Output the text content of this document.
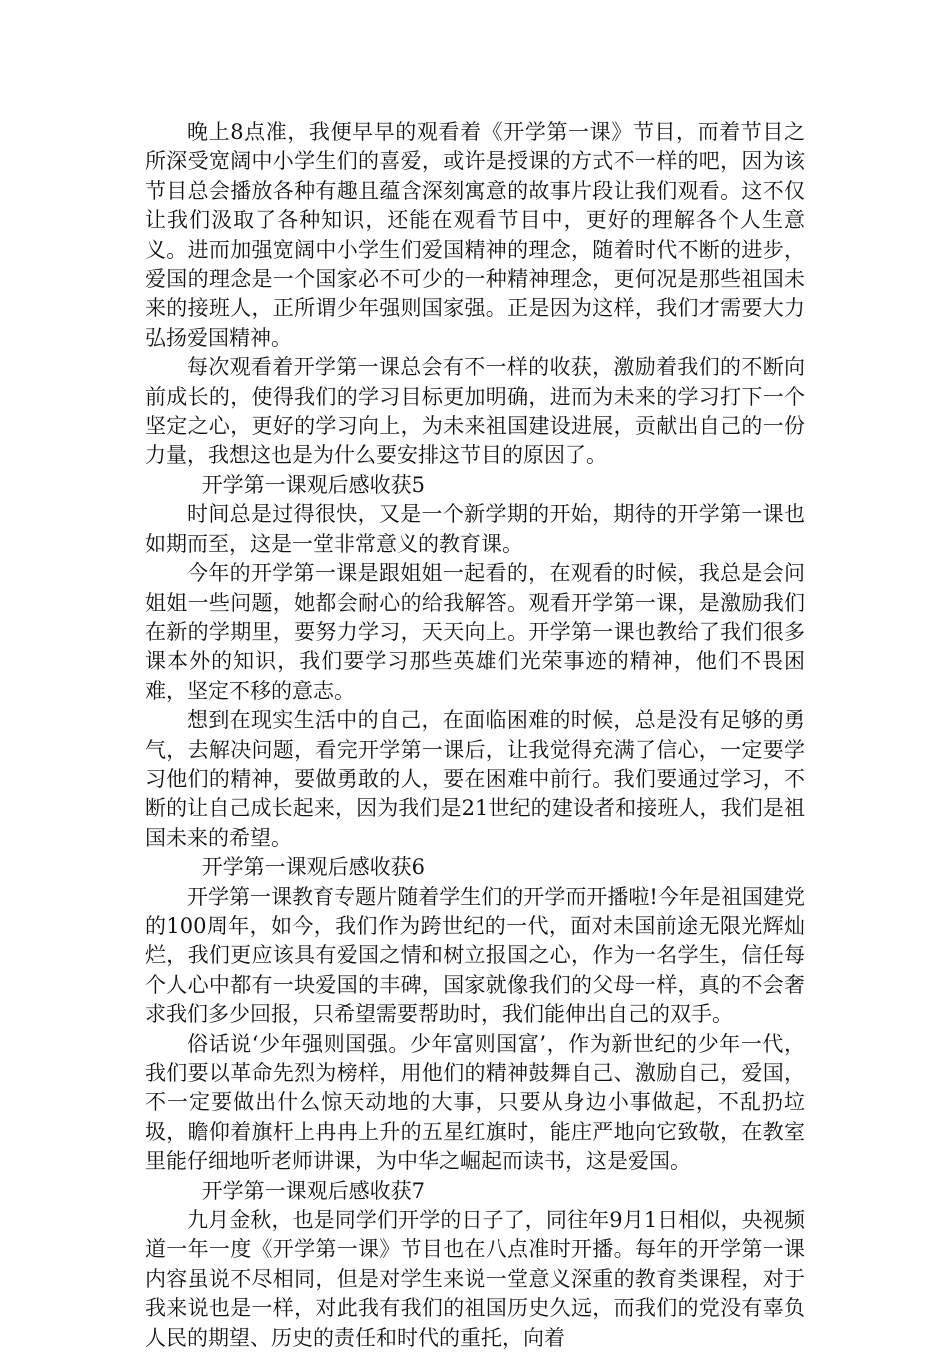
晚上8点准，我便早早的观看着《开学第一课》节目，而着节目之所深受宽阔中小学生们的喜爱，或许是授课的方式不一样的吧，因为该节目总会播放各种有趣且蕴含深刻寓意的故事片段让我们观看。这不仅让我们汲取了各种知识，还能在观看节目中，更好的理解各个人生意义。进而加强宽阔中小学生们爱国精神的理念，随着时代不断的进步，爱国的理念是一个国家必不可少的一种精神理念，更何况是那些祖国未来的接班人，正所谓少年强则国家强。正是因为这样，我们才需要大力弘扬爱国精神。

每次观看着开学第一课总会有不一样的收获，激励着我们的不断向前成长的，使得我们的学习目标更加明确，进而为未来的学习打下一个坚定之心，更好的学习向上，为未来祖国建设进展，贡献出自己的一份力量，我想这也是为什么要安排这节目的原因了。

开学第一课观后感收获5

时间总是过得很快，又是一个新学期的开始，期待的开学第一课也如期而至，这是一堂非常意义的教育课。

今年的开学第一课是跟姐姐一起看的，在观看的时候，我总是会问姐姐一些问题，她都会耐心的给我解答。观看开学第一课，是激励我们在新的学期里，要努力学习，天天向上。开学第一课也教给了我们很多课本外的知识，我们要学习那些英雄们光荣事迹的精神，他们不畏困难，坚定不移的意志。

想到在现实生活中的自己，在面临困难的时候，总是没有足够的勇气，去解决问题，看完开学第一课后，让我觉得充满了信心，一定要学习他们的精神，要做勇敢的人，要在困难中前行。我们要通过学习，不断的让自己成长起来，因为我们是21世纪的建设者和接班人，我们是祖国未来的希望。

开学第一课观后感收获6

开学第一课教育专题片随着学生们的开学而开播啦!今年是祖国建党的100周年，如今，我们作为跨世纪的一代，面对未国前途无限光辉灿烂，我们更应该具有爱国之情和树立报国之心，作为一名学生，信任每个人心中都有一块爱国的丰碑，国家就像我们的父母一样，真的不会奢求我们多少回报，只希望需要帮助时，我们能伸出自己的双手。

俗话说‘少年强则国强。少年富则国富’，作为新世纪的少年一代，我们要以革命先烈为榜样，用他们的精神鼓舞自己、激励自己，爱国，不一定要做出什么惊天动地的大事，只要从身边小事做起，不乱扔垃圾，瞻仰着旗杆上冉冉上升的五星红旗时，能庄严地向它致敬，在教室里能仔细地听老师讲课，为中华之崛起而读书，这是爱国。

开学第一课观后感收获7

九月金秋，也是同学们开学的日子了，同往年9月1日相似，央视频道一年一度《开学第一课》节目也在八点准时开播。每年的开学第一课内容虽说不尽相同，但是对学生来说一堂意义深重的教育类课程，对于我来说也是一样，对此我有我们的祖国历史久远，而我们的党没有辜负人民的期望、历史的责任和时代的重托，向着
